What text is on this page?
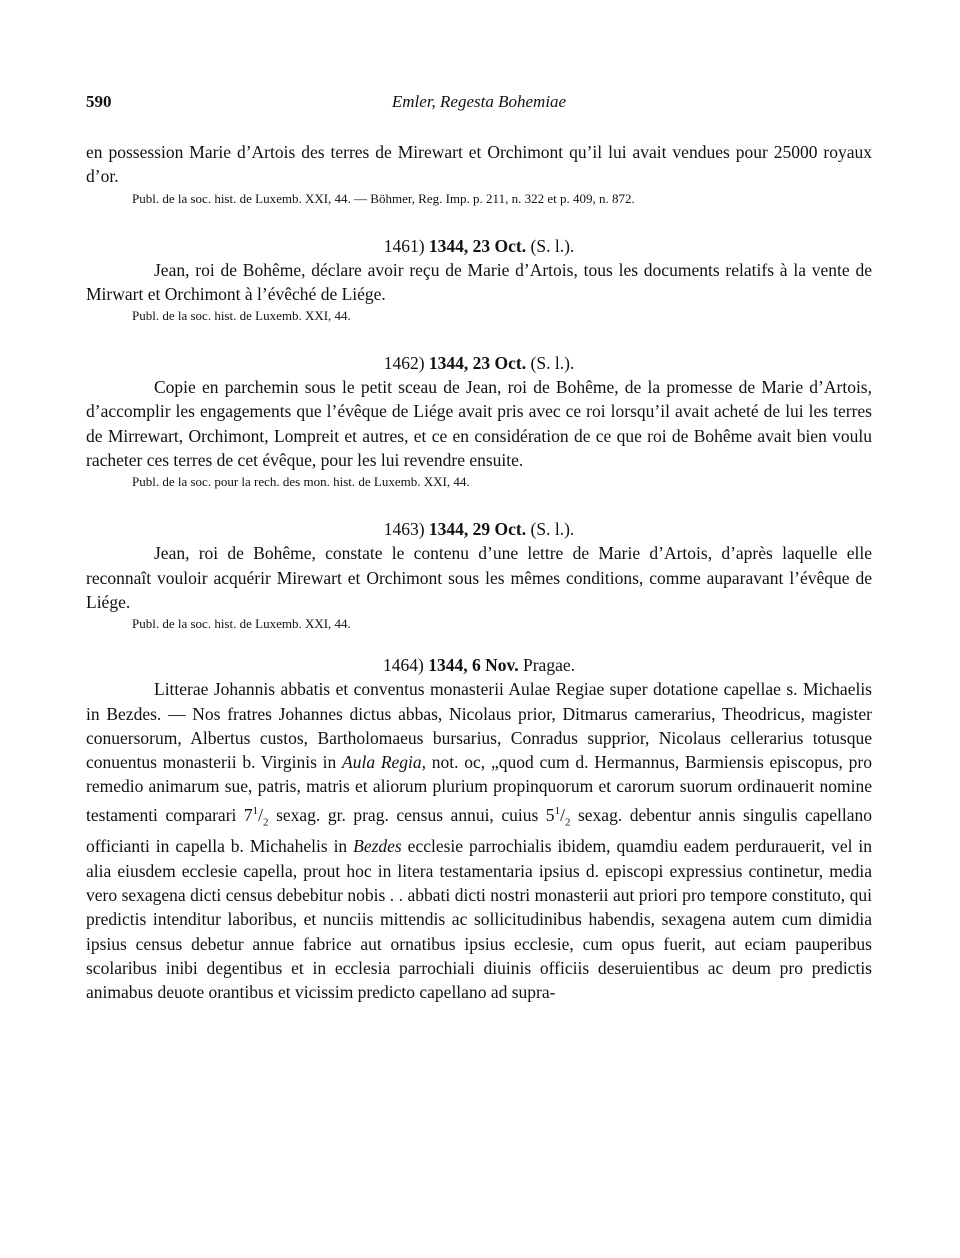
590	Emler, Regesta Bohemiae

en possession Marie d’Artois des terres de Mirewart et Orchimont qu’il lui avait vendues pour 25000 royaux d’or.

Publ. de la soc. hist. de Luxemb. XXI, 44. — Böhmer, Reg. Imp. p. 211, n. 322 et p. 409, n. 872.

1461) 1344, 23 Oct. (S. l.).

Jean, roi de Bohême, déclare avoir reçu de Marie d’Artois, tous les documents relatifs à la vente de Mirwart et Orchimont à l’évêché de Liége.

Publ. de la soc. hist. de Luxemb. XXI, 44.

1462) 1344, 23 Oct. (S. l.).

Copie en parchemin sous le petit sceau de Jean, roi de Bohême, de la promesse de Marie d’Artois, d’accomplir les engagements que l’évêque de Liége avait pris avec ce roi lorsqu’il avait acheté de lui les terres de Mirrewart, Orchimont, Lompreit et autres, et ce en considération de ce que roi de Bohême avait bien voulu racheter ces terres de cet évêque, pour les lui revendre ensuite.

Publ. de la soc. pour la rech. des mon. hist. de Luxemb. XXI, 44.

1463) 1344, 29 Oct. (S. l.).

Jean, roi de Bohême, constate le contenu d’une lettre de Marie d’Artois, d’après laquelle elle reconnaît vouloir acquérir Mirewart et Orchimont sous les mêmes conditions, comme auparavant l’évêque de Liége.

Publ. de la soc. hist. de Luxemb. XXI, 44.

1464) 1344, 6 Nov. Pragae.

Litterae Johannis abbatis et conventus monasterii Aulae Regiae super dotatione capellae s. Michaelis in Bezdes. — Nos fratres Johannes dictus abbas, Nicolaus prior, Ditmarus camerarius, Theodricus, magister conuersorum, Albertus custos, Bartholomaeus bursarius, Conradus supprior, Nicolaus cellerarius totusque conuentus monasterii b. Virginis in Aula Regia, not. oc, „quod cum d. Hermannus, Barmiensis episcopus, pro remedio animarum sue, patris, matris et aliorum plurium propinquorum et carorum suorum ordinauerit nomine testamenti comparari $7^1/_2$ sexag. gr. prag. census annui, cuius $5^1/_2$ sexag. debentur annis singulis capellano officianti in capella b. Michahelis in Bezdes ecclesie parrochialis ibidem, quamdiu eadem perdurauerit, vel in alia eiusdem ecclesie capella, prout hoc in litera testamentaria ipsius d. episcopi expressius continetur, media vero sexagena dicti census debebitur nobis . . abbati dicti nostri monasterii aut priori pro tempore constituto, qui predictis intenditur laboribus, et nunciis mittendis ac sollicitudinibus habendis, sexagena autem cum dimidia ipsius census debetur annue fabrice aut ornatibus ipsius ecclesie, cum opus fuerit, aut eciam pauperibus scolaribus inibi degentibus et in ecclesia parrochiali diuinis officiis deseruientibus ac deum pro predictis animabus deuote orantibus et vicissim predicto capellano ad supra-
